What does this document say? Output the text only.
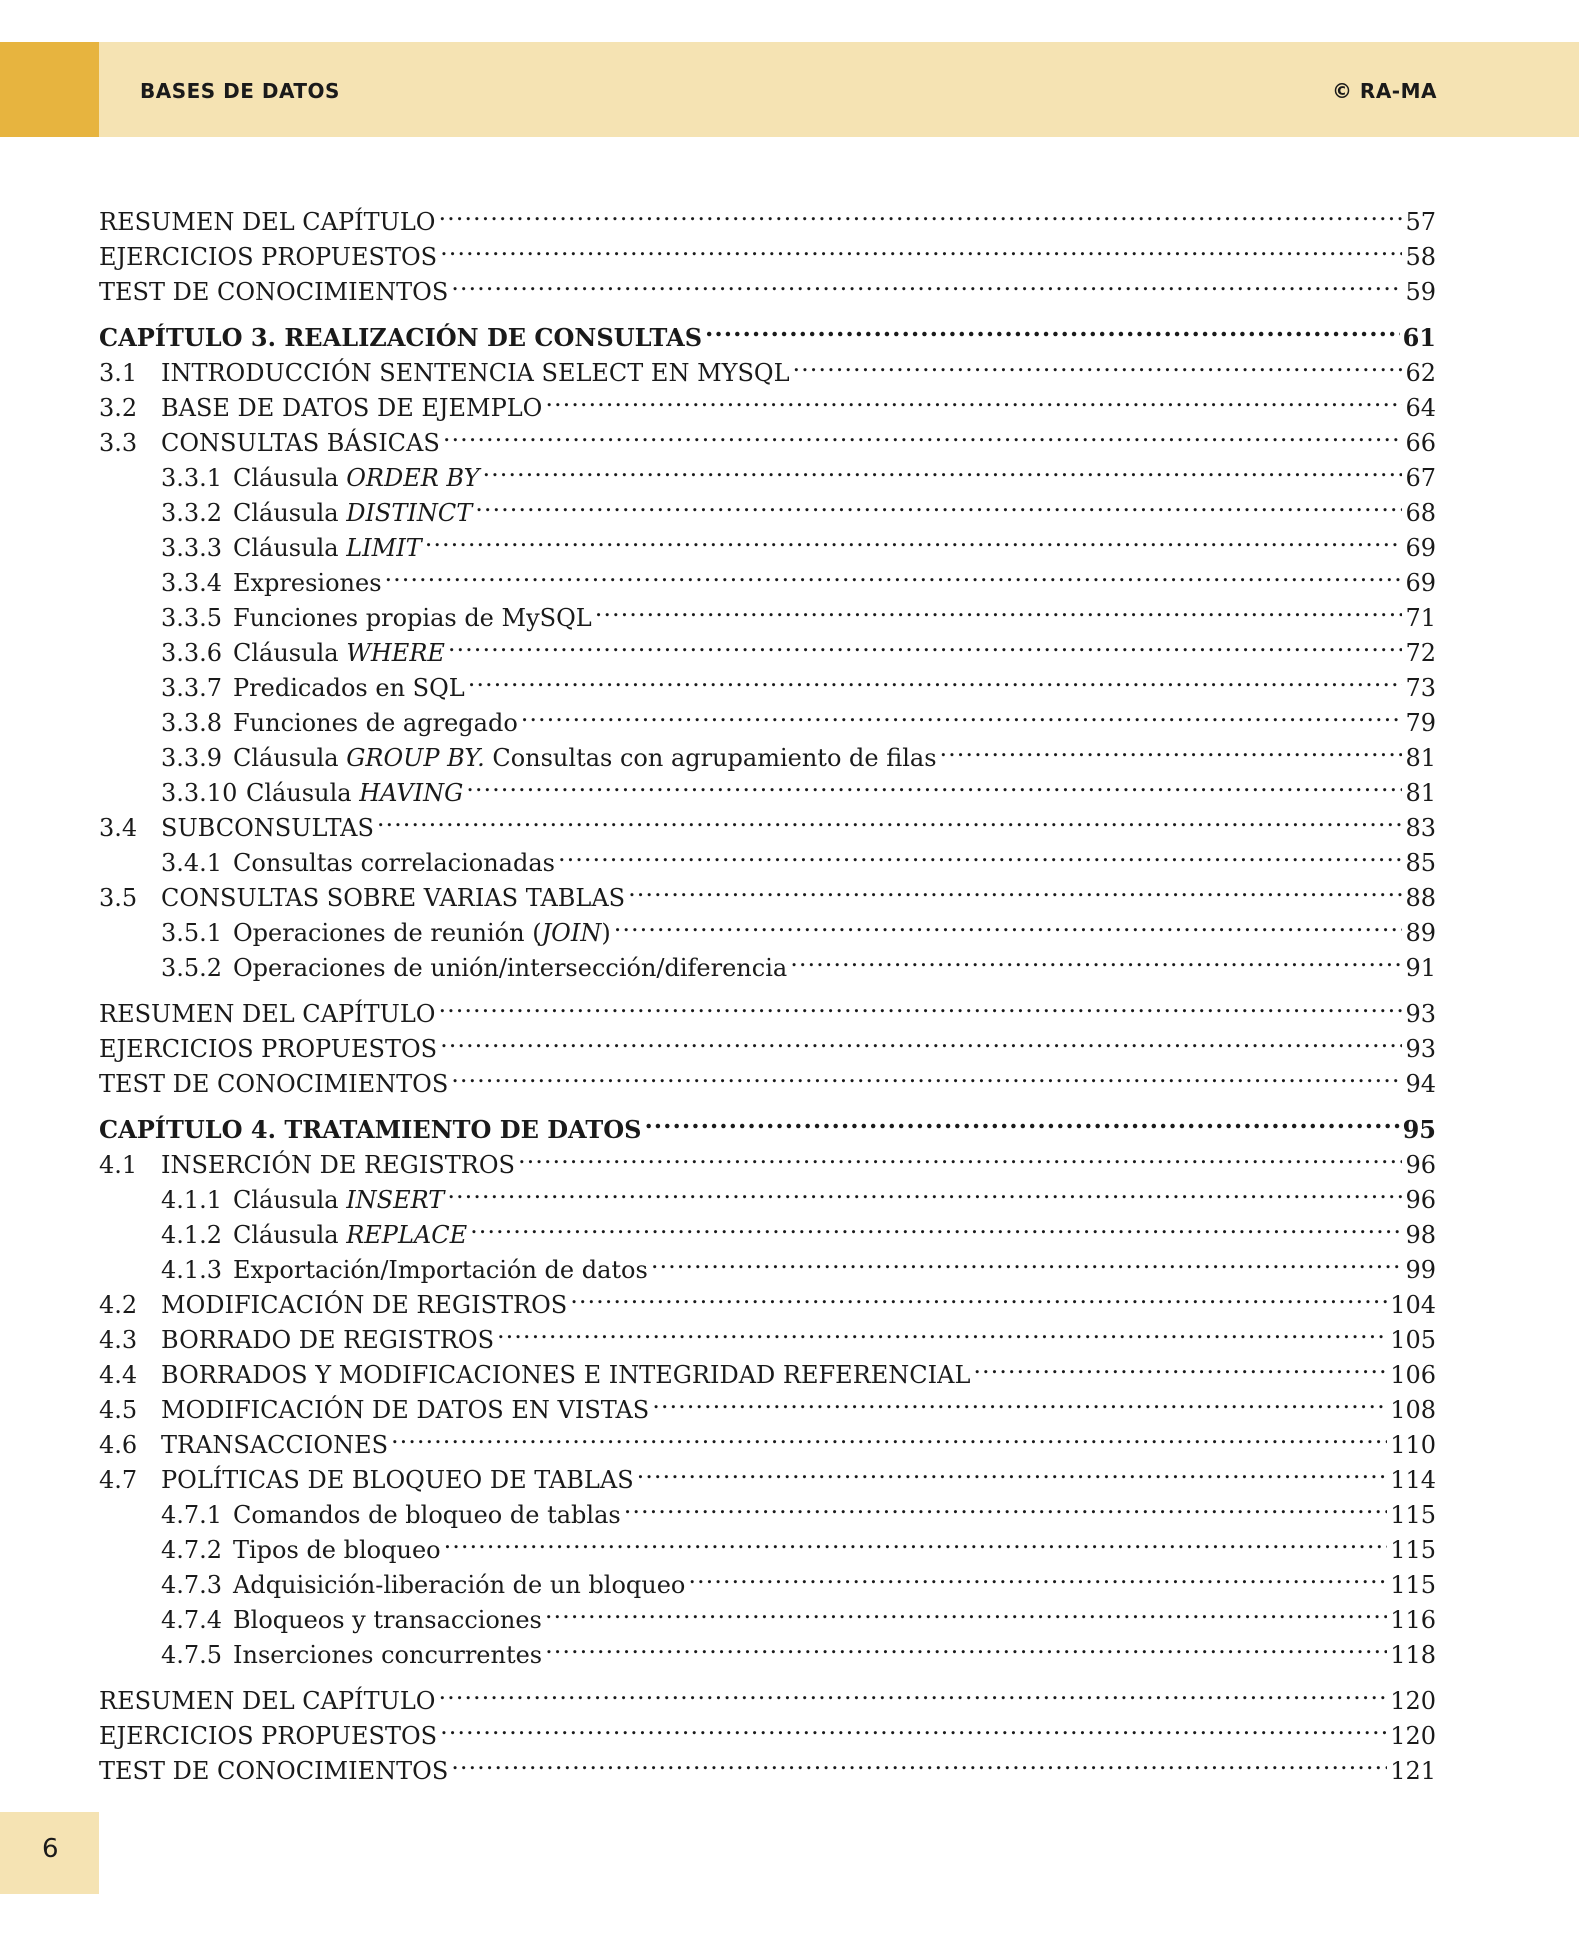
BASES DE DATOS	© RA-MA
RESUMEN DEL CAPÍTULO .....	57
EJERCICIOS PROPUESTOS .....	58
TEST DE CONOCIMIENTOS .....	59
CAPÍTULO 3. REALIZACIÓN DE CONSULTAS .....	61
3.1 INTRODUCCIÓN SENTENCIA SELECT EN MYSQL .....	62
3.2 BASE DE DATOS DE EJEMPLO .....	64
3.3 CONSULTAS BÁSICAS .....	66
3.3.1 Cláusula ORDER BY .....	67
3.3.2 Cláusula DISTINCT .....	68
3.3.3 Cláusula LIMIT .....	69
3.3.4 Expresiones .....	69
3.3.5 Funciones propias de MySQL .....	71
3.3.6 Cláusula WHERE .....	72
3.3.7 Predicados en SQL .....	73
3.3.8 Funciones de agregado .....	79
3.3.9 Cláusula GROUP BY. Consultas con agrupamiento de filas .....	81
3.3.10 Cláusula HAVING .....	81
3.4 SUBCONSULTAS .....	83
3.4.1 Consultas correlacionadas .....	85
3.5 CONSULTAS SOBRE VARIAS TABLAS .....	88
3.5.1 Operaciones de reunión (JOIN) .....	89
3.5.2 Operaciones de unión/intersección/diferencia .....	91
RESUMEN DEL CAPÍTULO .....	93
EJERCICIOS PROPUESTOS .....	93
TEST DE CONOCIMIENTOS .....	94
CAPÍTULO 4. TRATAMIENTO DE DATOS .....	95
4.1 INSERCIÓN DE REGISTROS .....	96
4.1.1 Cláusula INSERT .....	96
4.1.2 Cláusula REPLACE .....	98
4.1.3 Exportación/Importación de datos .....	99
4.2 MODIFICACIÓN DE REGISTROS .....	104
4.3 BORRADO DE REGISTROS .....	105
4.4 BORRADOS Y MODIFICACIONES E INTEGRIDAD REFERENCIAL .....	106
4.5 MODIFICACIÓN DE DATOS EN VISTAS .....	108
4.6 TRANSACCIONES .....	110
4.7 POLÍTICAS DE BLOQUEO DE TABLAS .....	114
4.7.1 Comandos de bloqueo de tablas .....	115
4.7.2 Tipos de bloqueo .....	115
4.7.3 Adquisición-liberación de un bloqueo .....	115
4.7.4 Bloqueos y transacciones .....	116
4.7.5 Inserciones concurrentes .....	118
RESUMEN DEL CAPÍTULO .....	120
EJERCICIOS PROPUESTOS .....	120
TEST DE CONOCIMIENTOS .....	121
6
